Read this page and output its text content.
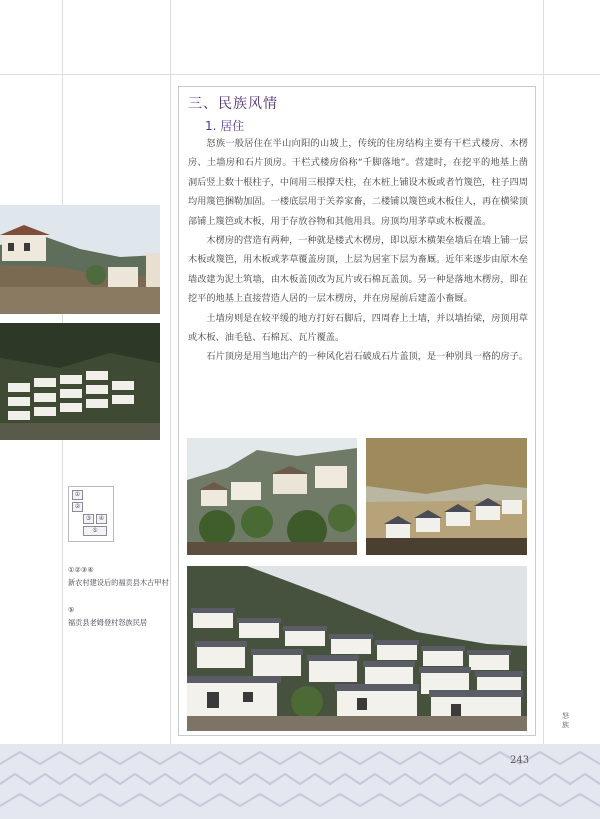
三、民族风情
1. 居住

怒族一般居住在半山向阳的山坡上，传统的住房结构主要有干栏式楼房、木楞房、土墙房和石片顶房。干栏式楼房俗称“千脚落地”。营建时，在挖平的地基上凿洞后竖上数十根柱子，中间用三根撑天柱，在木桩上铺设木板或者竹篾笆，柱子四周均用篾笆捆勒加固。一楼底层用于关养家畜，二楼铺以篾笆或木板住人，再在横梁顶部铺上篾笆或木板，用于存放谷物和其他用具。房顶均用茅草或木板覆盖。

木楞房的营造有两种，一种就是楼式木楞房，即以原木横架垒墙后在墙上铺一层木板或篾笆，用木板或茅草覆盖房顶，上层为居室下层为畜厩。近年来逐步由原木垒墙改建为泥土筑墙，由木板盖顶改为瓦片或石棉瓦盖顶。另一种是落地木楞房，即在挖平的地基上直接营造人居的一层木楞房，并在房屋前后建盖小畜厩。

土墙房则是在较平缓的地方打好石脚后，四周舂上土墙，并以墙抬梁，房顶用草或木板、油毛毡、石棉瓦、瓦片覆盖。

石片顶房是用当地出产的一种风化岩石破成石片盖顶，是一种别具一格的房子。

①
②
③	④
⑤
①②③④
新农村建设后的福贡县木古甲村
⑤
福贡县老姆登村怒族民居
怒族
243
